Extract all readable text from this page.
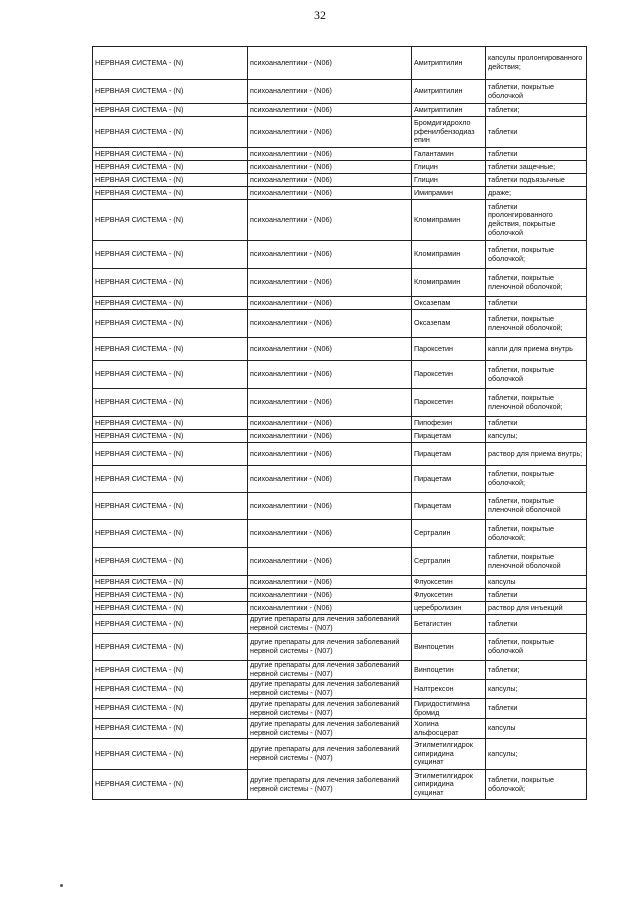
32
НЕРВНАЯ СИСТЕМА - (N)	психоаналептики - (N06)	Амитриптилин	капсулы пролонгированного действия;
НЕРВНАЯ СИСТЕМА - (N)	психоаналептики - (N06)	Амитриптилин	таблетки, покрытые оболочкой
НЕРВНАЯ СИСТЕМА - (N)	психоаналептики - (N06)	Амитриптилин	таблетки;
НЕРВНАЯ СИСТЕМА - (N)	психоаналептики - (N06)	Бромдигидрохло рфенилбензодиаз епин	таблетки
НЕРВНАЯ СИСТЕМА - (N)	психоаналептики - (N06)	Галантамин	таблетки
НЕРВНАЯ СИСТЕМА - (N)	психоаналептики - (N06)	Глицин	таблетки защечные;
НЕРВНАЯ СИСТЕМА - (N)	психоаналептики - (N06)	Глицин	таблетки подъязычные
НЕРВНАЯ СИСТЕМА - (N)	психоаналептики - (N06)	Имипрамин	драже;
НЕРВНАЯ СИСТЕМА - (N)	психоаналептики - (N06)	Кломипрамин	таблетки пролонгированного действия, покрытые оболочкой
НЕРВНАЯ СИСТЕМА - (N)	психоаналептики - (N06)	Кломипрамин	таблетки, покрытые оболочкой;
НЕРВНАЯ СИСТЕМА - (N)	психоаналептики - (N06)	Кломипрамин	таблетки, покрытые пленочной оболочкой;
НЕРВНАЯ СИСТЕМА - (N)	психоаналептики - (N06)	Оксазепам	таблетки
НЕРВНАЯ СИСТЕМА - (N)	психоаналептики - (N06)	Оксазепам	таблетки, покрытые пленочной оболочкой;
НЕРВНАЯ СИСТЕМА - (N)	психоаналептики - (N06)	Пароксетин	капли для приема внутрь
НЕРВНАЯ СИСТЕМА - (N)	психоаналептики - (N06)	Пароксетин	таблетки, покрытые оболочкой
НЕРВНАЯ СИСТЕМА - (N)	психоаналептики - (N06)	Пароксетин	таблетки, покрытые пленочной оболочкой;
НЕРВНАЯ СИСТЕМА - (N)	психоаналептики - (N06)	Пипофезин	таблетки
НЕРВНАЯ СИСТЕМА - (N)	психоаналептики - (N06)	Пирацетам	капсулы;
НЕРВНАЯ СИСТЕМА - (N)	психоаналептики - (N06)	Пирацетам	раствор для приема внутрь;
НЕРВНАЯ СИСТЕМА - (N)	психоаналептики - (N06)	Пирацетам	таблетки, покрытые оболочкой;
НЕРВНАЯ СИСТЕМА - (N)	психоаналептики - (N06)	Пирацетам	таблетки, покрытые пленочной оболочкой
НЕРВНАЯ СИСТЕМА - (N)	психоаналептики - (N06)	Сертралин	таблетки, покрытые оболочкой;
НЕРВНАЯ СИСТЕМА - (N)	психоаналептики - (N06)	Сертралин	таблетки, покрытые пленочной оболочкой
НЕРВНАЯ СИСТЕМА - (N)	психоаналептики - (N06)	Флуоксетин	капсулы
НЕРВНАЯ СИСТЕМА - (N)	психоаналептики - (N06)	Флуоксетин	таблетки
НЕРВНАЯ СИСТЕМА - (N)	психоаналептики - (N06)	церебролизин	раствор для инъекций
НЕРВНАЯ СИСТЕМА - (N)	другие препараты для лечения заболеваний нервной системы - (N07)	Бетагистин	таблетки
НЕРВНАЯ СИСТЕМА - (N)	другие препараты для лечения заболеваний нервной системы - (N07)	Винпоцетин	таблетки, покрытые оболочкой
НЕРВНАЯ СИСТЕМА - (N)	другие препараты для лечения заболеваний нервной системы - (N07)	Винпоцетин	таблетки;
НЕРВНАЯ СИСТЕМА - (N)	другие препараты для лечения заболеваний нервной системы - (N07)	Налтрексон	капсулы;
НЕРВНАЯ СИСТЕМА - (N)	другие препараты для лечения заболеваний нервной системы - (N07)	Пиридостигмина бромид	таблетки
НЕРВНАЯ СИСТЕМА - (N)	другие препараты для лечения заболеваний нервной системы - (N07)	Холина альфосцерат	капсулы
НЕРВНАЯ СИСТЕМА - (N)	другие препараты для лечения заболеваний нервной системы - (N07)	Этилметилгидрок сипиридина сукцинат	капсулы;
НЕРВНАЯ СИСТЕМА - (N)	другие препараты для лечения заболеваний нервной системы - (N07)	Этилметилгидрок сипиридина сукцинат	таблетки, покрытые оболочкой;
